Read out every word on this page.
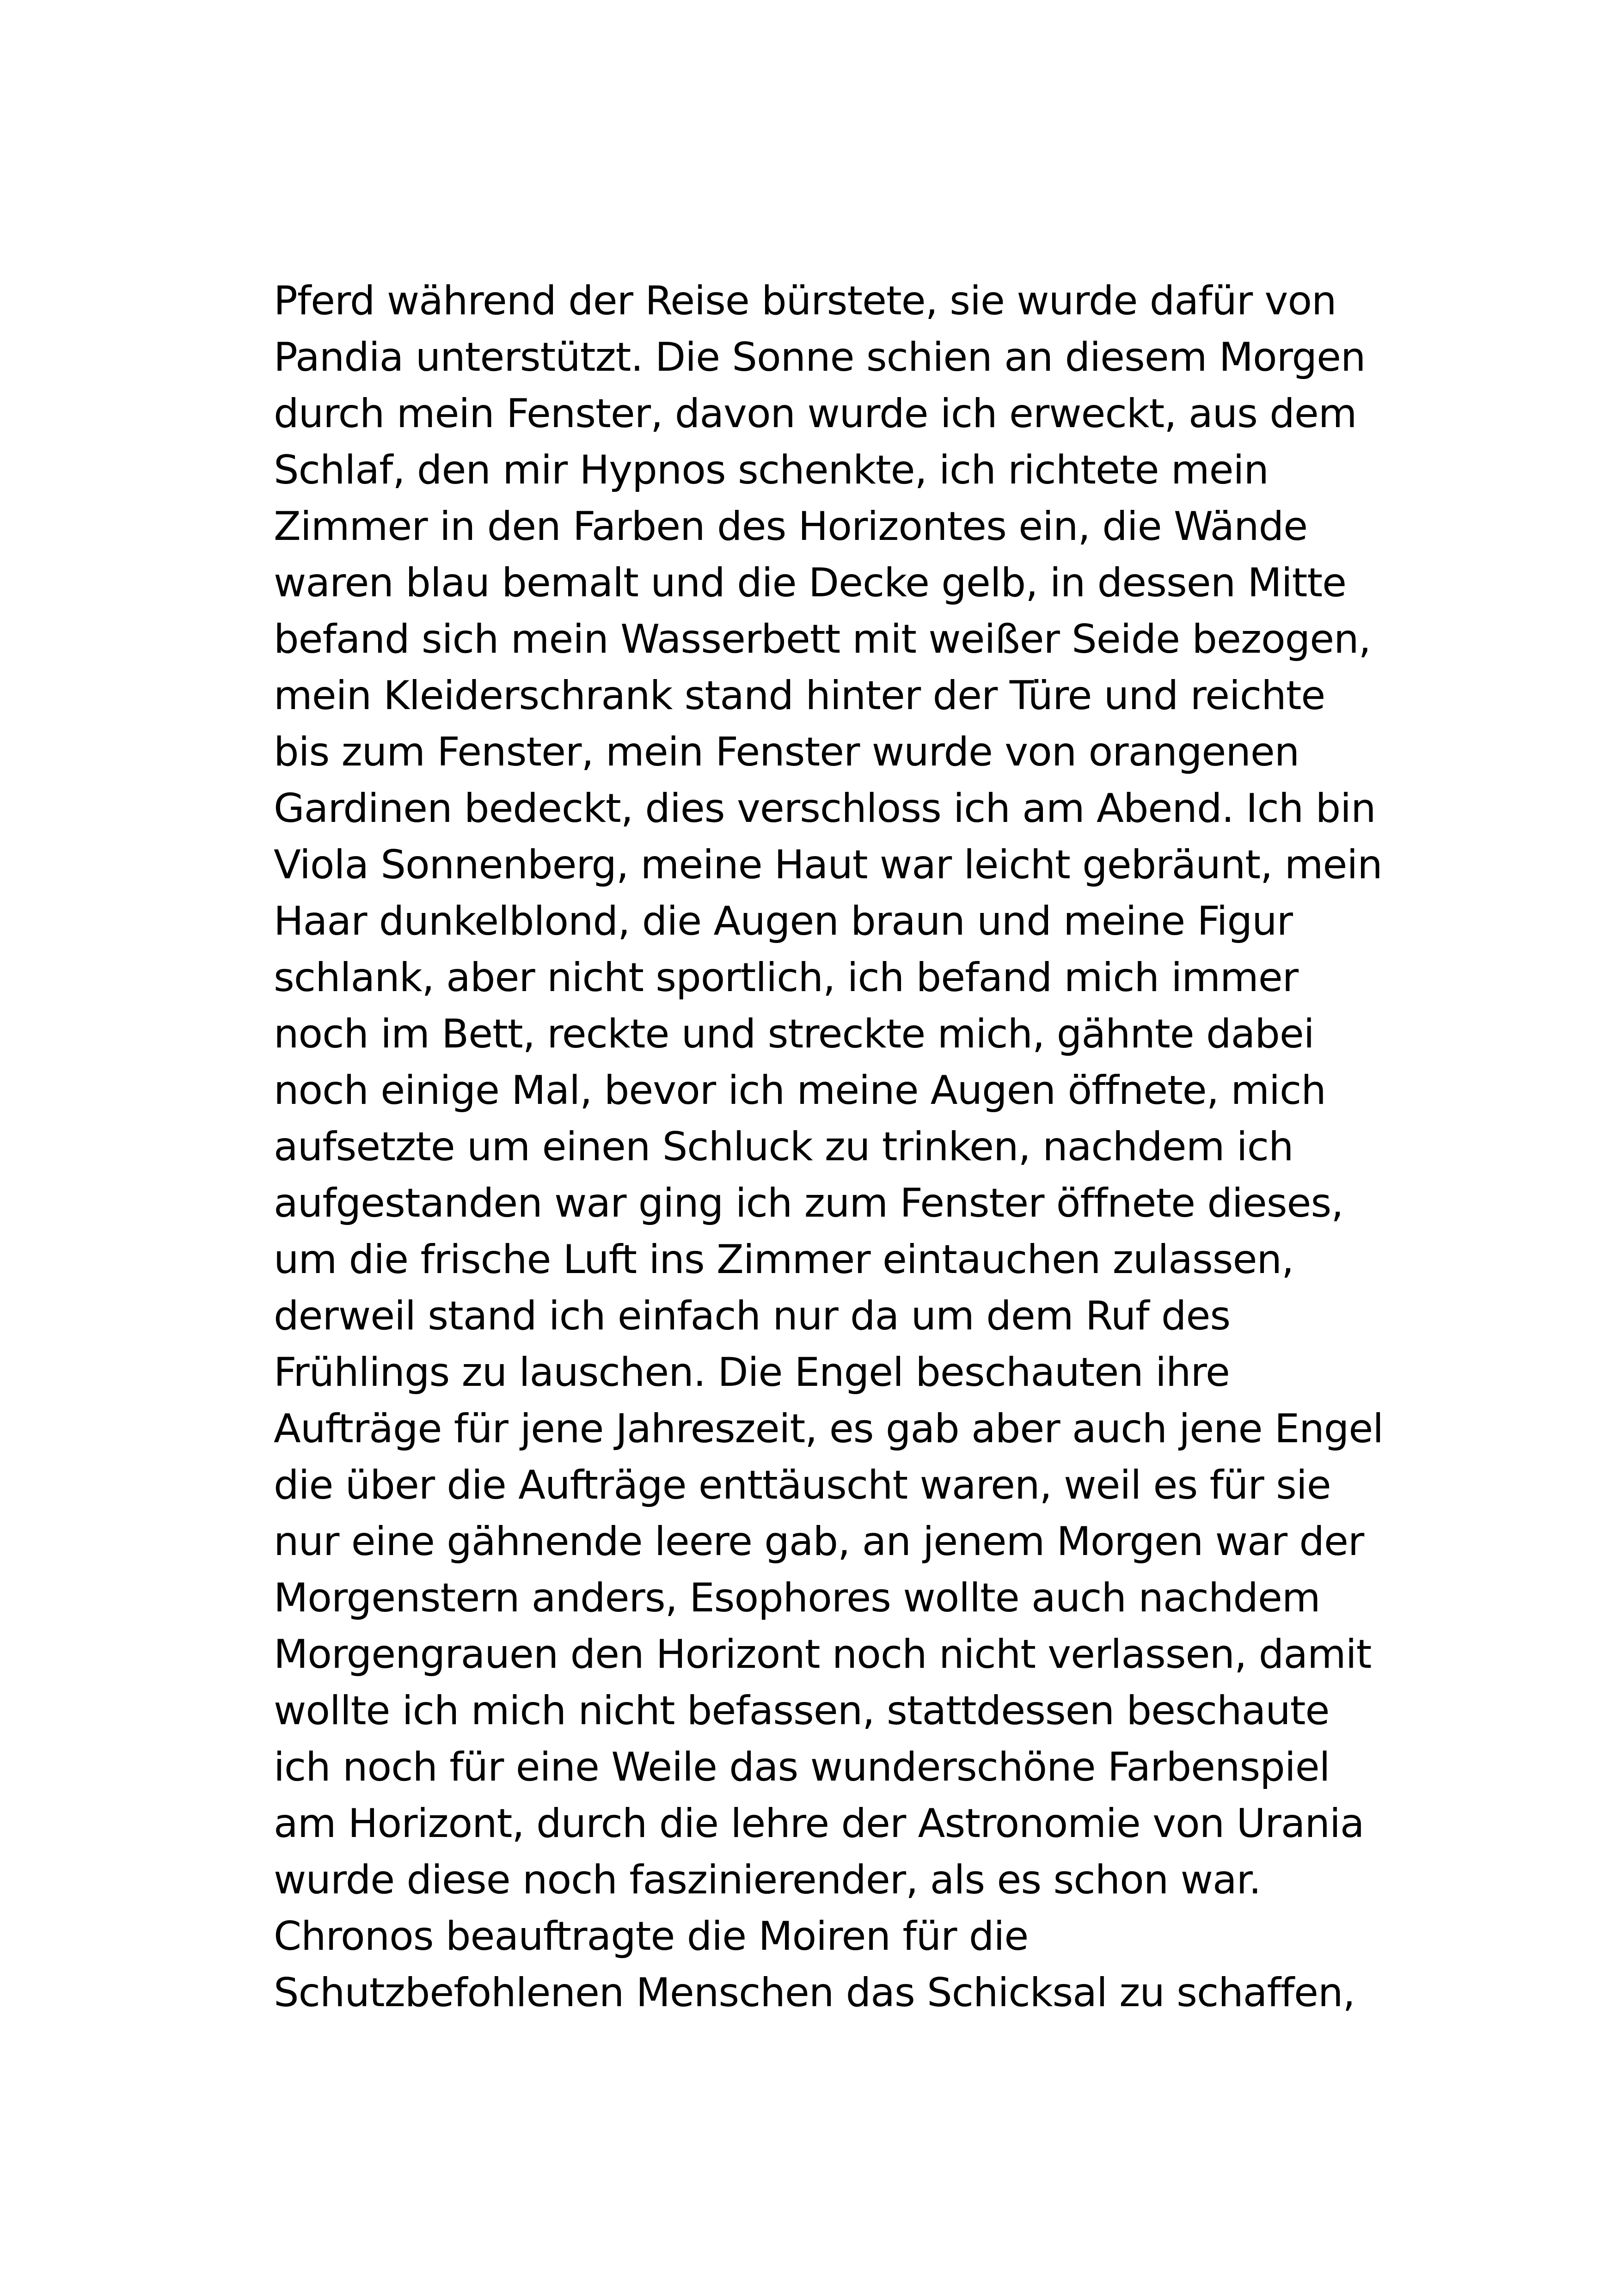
Pferd während der Reise bürstete, sie wurde dafür von
Pandia unterstützt. Die Sonne schien an diesem Morgen
durch mein Fenster, davon wurde ich erweckt, aus dem
Schlaf, den mir Hypnos schenkte, ich richtete mein
Zimmer in den Farben des Horizontes ein, die Wände
waren blau bemalt und die Decke gelb, in dessen Mitte
befand sich mein Wasserbett mit weißer Seide bezogen,
mein Kleiderschrank stand hinter der Türe und reichte
bis zum Fenster, mein Fenster wurde von orangenen
Gardinen bedeckt, dies verschloss ich am Abend. Ich bin
Viola Sonnenberg, meine Haut war leicht gebräunt, mein
Haar dunkelblond, die Augen braun und meine Figur
schlank, aber nicht sportlich, ich befand mich immer
noch im Bett, reckte und streckte mich, gähnte dabei
noch einige Mal, bevor ich meine Augen öffnete, mich
aufsetzte um einen Schluck zu trinken, nachdem ich
aufgestanden war ging ich zum Fenster öffnete dieses,
um die frische Luft ins Zimmer eintauchen zulassen,
derweil stand ich einfach nur da um dem Ruf des
Frühlings zu lauschen. Die Engel beschauten ihre
Aufträge für jene Jahreszeit, es gab aber auch jene Engel
die über die Aufträge enttäuscht waren, weil es für sie
nur eine gähnende leere gab, an jenem Morgen war der
Morgenstern anders, Esophores wollte auch nachdem
Morgengrauen den Horizont noch nicht verlassen, damit
wollte ich mich nicht befassen, stattdessen beschaute
ich noch für eine Weile das wunderschöne Farbenspiel
am Horizont, durch die lehre der Astronomie von Urania
wurde diese noch faszinierender, als es schon war.
Chronos beauftragte die Moiren für die
Schutzbefohlenen Menschen das Schicksal zu schaffen,
